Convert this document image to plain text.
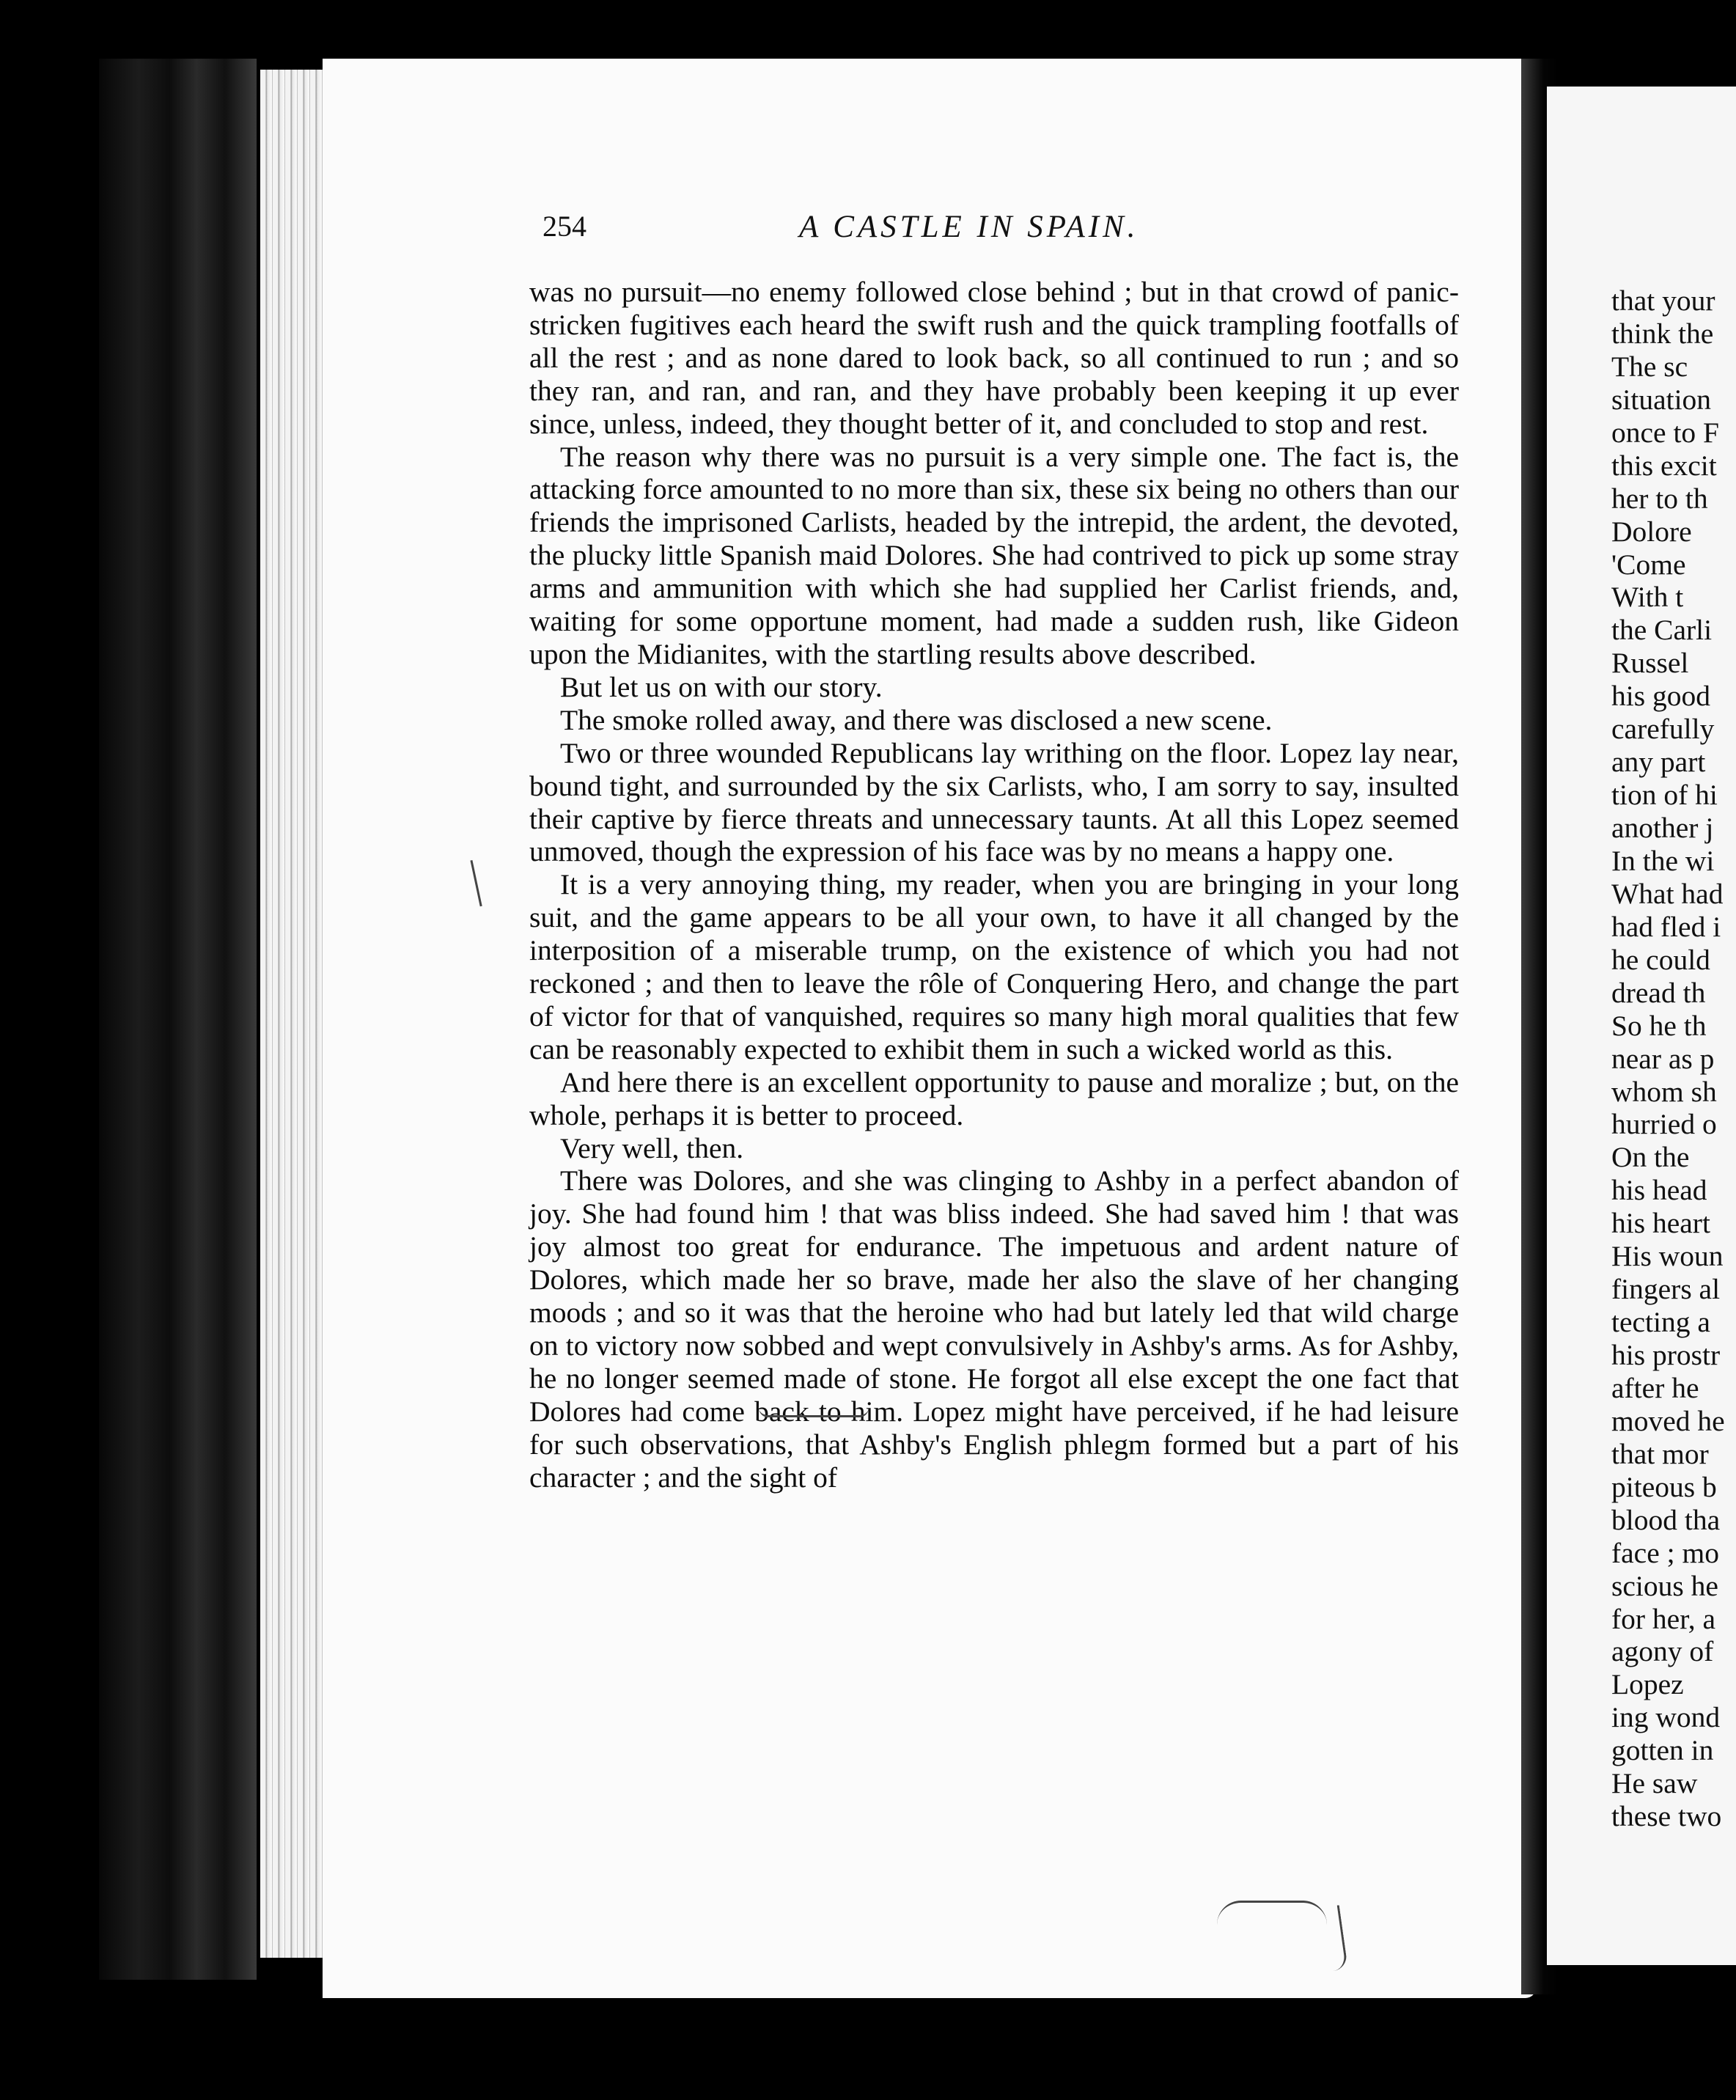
254	A CASTLE IN SPAIN.

was no pursuit—no enemy followed close behind ; but in that crowd of panic-stricken fugitives each heard the swift rush and the quick trampling footfalls of all the rest ; and as none dared to look back, so all continued to run ; and so they ran, and ran, and ran, and they have probably been keeping it up ever since, unless, indeed, they thought better of it, and concluded to stop and rest.

The reason why there was no pursuit is a very simple one. The fact is, the attacking force amounted to no more than six, these six being no others than our friends the imprisoned Carlists, headed by the intrepid, the ardent, the devoted, the plucky little Spanish maid Dolores. She had contrived to pick up some stray arms and ammunition with which she had supplied her Carlist friends, and, waiting for some opportune moment, had made a sudden rush, like Gideon upon the Midianites, with the startling results above described.

But let us on with our story.

The smoke rolled away, and there was disclosed a new scene.

Two or three wounded Republicans lay writhing on the floor. Lopez lay near, bound tight, and surrounded by the six Carlists, who, I am sorry to say, insulted their captive by fierce threats and unnecessary taunts. At all this Lopez seemed unmoved, though the expression of his face was by no means a happy one.

It is a very annoying thing, my reader, when you are bringing in your long suit, and the game appears to be all your own, to have it all changed by the interposition of a miserable trump, on the existence of which you had not reckoned ; and then to leave the rôle of Conquering Hero, and change the part of victor for that of vanquished, requires so many high moral qualities that few can be reasonably expected to exhibit them in such a wicked world as this.

And here there is an excellent opportunity to pause and moralize ; but, on the whole, perhaps it is better to proceed.

Very well, then.

There was Dolores, and she was clinging to Ashby in a perfect abandon of joy. She had found him ! that was bliss indeed. She had saved him ! that was joy almost too great for endurance. The impetuous and ardent nature of Dolores, which made her so brave, made her also the slave of her changing moods ; and so it was that the heroine who had but lately led that wild charge on to victory now sobbed and wept convulsively in Ashby's arms. As for Ashby, he no longer seemed made of stone. He forgot all else except the one fact that Dolores had come back to him. Lopez might have perceived, if he had leisure for such observations, that Ashby's English phlegm formed but a part of his character ; and the sight of

that your
think the
The sc
situation
once to F
this excit
her to th
Dolore
'Come
With t
the Carli
Russel
his good
carefully
any part
tion of hi
another j
In the wi
What had
had fled i
he could
dread th
So he th
near as p
whom sh
hurried o
On the
his head
his heart
His woun
fingers al
tecting a
his prostr
after he
moved he
that mor
piteous b
blood tha
face ; mo
scious he
for her, a
agony of
Lopez
ing wond
gotten in
He saw
these two
